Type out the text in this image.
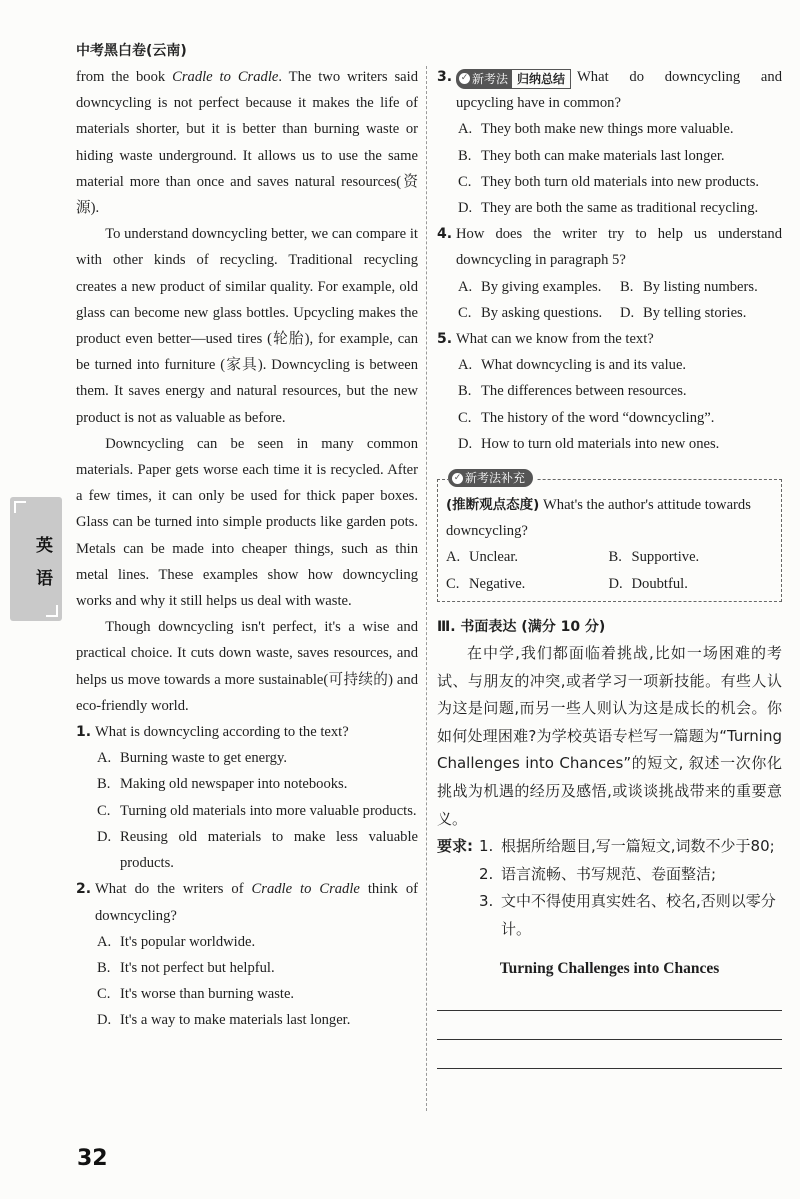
中考黑白卷(云南)
英
语

from the book Cradle to Cradle. The two writers said downcycling is not perfect because it makes the life of materials shorter, but it is better than burning waste or hiding waste underground. It allows us to use the same material more than once and saves natural resources(资源).

To understand downcycling better, we can compare it with other kinds of recycling. Traditional recycling creates a new product of similar quality. For example, old glass can become new glass bottles. Upcycling makes the product even better—used tires (轮胎), for example, can be turned into furniture (家具). Downcycling is between them. It saves energy and natural resources, but the new product is not as valuable as before.

Downcycling can be seen in many common materials. Paper gets worse each time it is recycled. After a few times, it can only be used for thick paper boxes. Glass can be turned into simple products like garden pots. Metals can be made into cheaper things, such as thin metal lines. These examples show how downcycling works and why it still helps us deal with waste.

Though downcycling isn't perfect, it's a wise and practical choice. It cuts down waste, saves resources, and helps us move towards a more sustainable(可持续的) and eco-friendly world.

1. What is downcycling according to the text?
A. Burning waste to get energy.
B. Making old newspaper into notebooks.
C. Turning old materials into more valuable products.
D. Reusing old materials to make less valuable products.
2. What do the writers of Cradle to Cradle think of downcycling?
A. It's popular worldwide.
B. It's not perfect but helpful.
C. It's worse than burning waste.
D. It's a way to make materials last longer.
3. ✓ 新考法 归纳总结 What do downcycling and upcycling have in common?
A. They both make new things more valuable.
B. They both can make materials last longer.
C. They both turn old materials into new products.
D. They are both the same as traditional recycling.
4. How does the writer try to help us understand downcycling in paragraph 5?
A. By giving examples. B. By listing numbers.
C. By asking questions. D. By telling stories.
5. What can we know from the text?
A. What downcycling is and its value.
B. The differences between resources.
C. The history of the word “downcycling”.
D. How to turn old materials into new ones.
✓ 新考法补充
(推断观点态度) What's the author's attitude towards downcycling?
A. Unclear.	B. Supportive.
C. Negative.	D. Doubtful.
Ⅲ. 书面表达 (满分 10 分)

在中学,我们都面临着挑战,比如一场困难的考试、与朋友的冲突,或者学习一项新技能。有些人认为这是问题,而另一些人则认为这是成长的机会。你如何处理困难?为学校英语专栏写一篇题为“Turning Challenges into Chances”的短文, 叙述一次你化挑战为机遇的经历及感悟,或谈谈挑战带来的重要意义。

要求: 1. 根据所给题目,写一篇短文,词数不少于80;
2. 语言流畅、书写规范、卷面整洁;
3. 文中不得使用真实姓名、校名,否则以零分计。
Turning Challenges into Chances
32
